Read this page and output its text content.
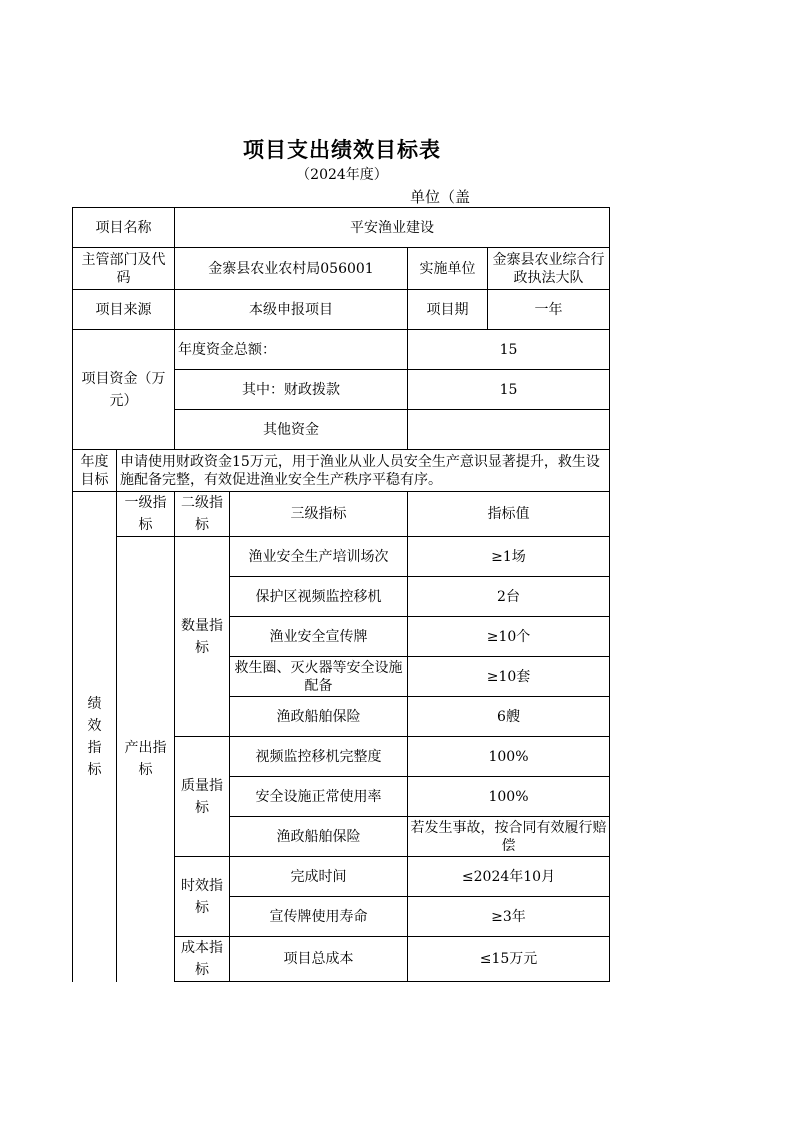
项目支出绩效目标表
（2024年度）
单位（盖
项目名称		平安渔业建设			
主管部门及代码		金寨县农业农村局056001		实施单位	金寨县农业综合行政执法大队
项目来源		本级申报项目		项目期	一年

项目资金（万元）		年度资金总额：		15	
		其中：财政拨款		15	
		其他资金			

年度目标	申请使用财政资金15万元，用于渔业从业人员安全生产意识显著提升，救生设施配备完整，有效促进渔业安全生产秩序平稳有序。				

绩效指标	一级指标	二级指标	三级指标	指标值	

	产出指标	数量指标	渔业安全生产培训场次	≥1场	
			保护区视频监控移机	2台	
			渔业安全宣传牌	≥10个	

			救生圈、灭火器等安全设施配备	≥10套	
			渔政船舶保险	6艘	

		质量指标	视频监控移机完整度	100%	
			安全设施正常使用率	100%	
			渔政船舶保险	若发生事故，按合同有效履行赔偿	

		时效指标	完成时间	≤2024年10月	
			宣传牌使用寿命	≥3年	

		成本指标	项目总成本	≤15万元	
